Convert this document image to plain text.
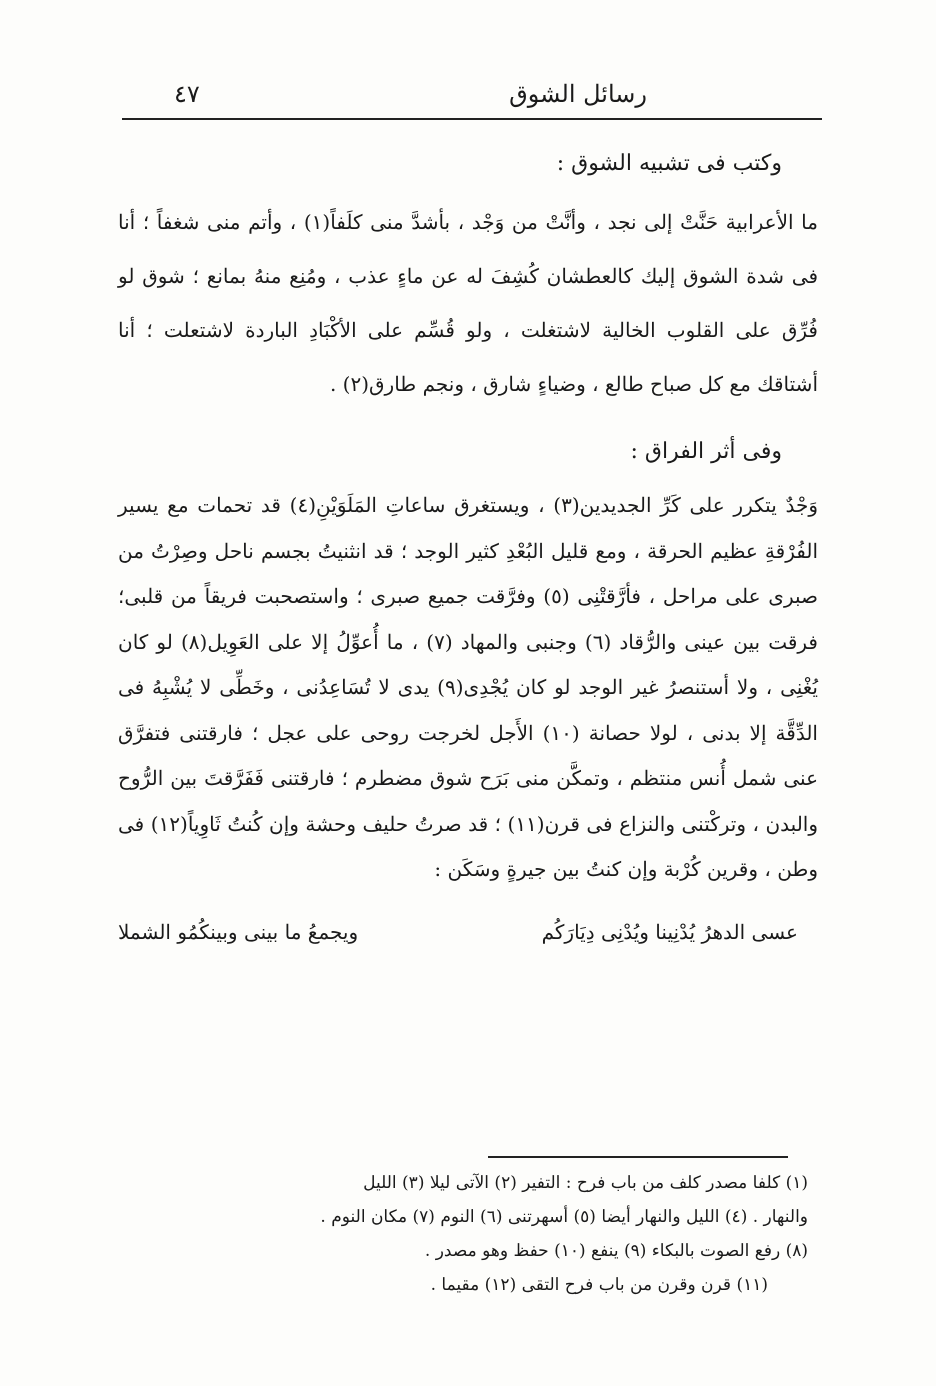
رسائل الشوق
٤٧

وكتب فى تشبيه الشوق :

ما الأعرابية حَنَّتْ إلى نجد ، وأنَّتْ من وَجْد ، بأشدَّ منى كلَفاً(١) ، وأتم منى شغفاً ؛ أنا فى شدة الشوق إليك كالعطشان كُشِفَ له عن ماءٍ عذب ، ومُنِع منهُ بمانع ؛ شوق لو فُرِّق على القلوب الخالية لاشتغلت ، ولو قُسِّم على الأكْبَادِ الباردة لاشتعلت ؛ أنا أشتاقك مع كل صباح طالع ، وضياءٍ شارق ، ونجم طارق(٢) .

وفى أثر الفراق :

وَجْدٌ يتكرر على كَرِّ الجديدين(٣) ، ويستغرق ساعاتِ المَلَوَيْنِ(٤) قد تحمات مع يسير الفُرْقةِ عظيم الحرقة ، ومع قليل البُعْدِ كثير الوجد ؛ قد انثنيتُ بجسم ناحل وصِرْتُ من صبرى على مراحل ، فأرَّقتْنِى (٥) وفرَّقت جميع صبرى ؛ واستصحبت فريقاً من قلبى؛ فرقت بين عينى والرُّقاد (٦) وجنبى والمهاد (٧) ، ما أُعوِّلُ إلا على العَوِيل(٨) لو كان يُغْنِى ، ولا أستنصرُ غير الوجد لو كان يُجْدِى(٩) يدى لا تُسَاعِدُنى ، وخَطِّى لا يُشْبِهُ فى الدِّقَّة إلا بدنى ، لولا حصانة (١٠) الأَجل لخرجت روحى على عجل ؛ فارقتنى فتفرَّق عنى شمل أُنس منتظم ، وتمكَّن منى بَرَح شوق مضطرم ؛ فارقتنى فَفَرَّقتَ بين الرُّوح والبدن ، وتركْتنى والنزاع فى قرن(١١) ؛ قد صرتُ حليف وحشة وإن كُنتُ ثَاوِياً(١٢) فى وطن ، وقرين كُرْبة وإن كنتُ بين جيرةٍ وسَكَن :

عسى الدهرُ يُدْنِينا ويُدْنِى دِيَارَكُم
ويجمعُ ما بينى وبينكُمُو الشملا
(١) كلفا مصدر كلف من باب فرح : التفير (٢) الآتى ليلا (٣) الليل
والنهار . (٤) الليل والنهار أيضا (٥) أسهرتنى (٦) النوم (٧) مكان النوم .
(٨) رفع الصوت بالبكاء (٩) ينفع (١٠) حفظ وهو مصدر .
(١١) قرن وقرن من باب فرح التقى (١٢) مقيما .
